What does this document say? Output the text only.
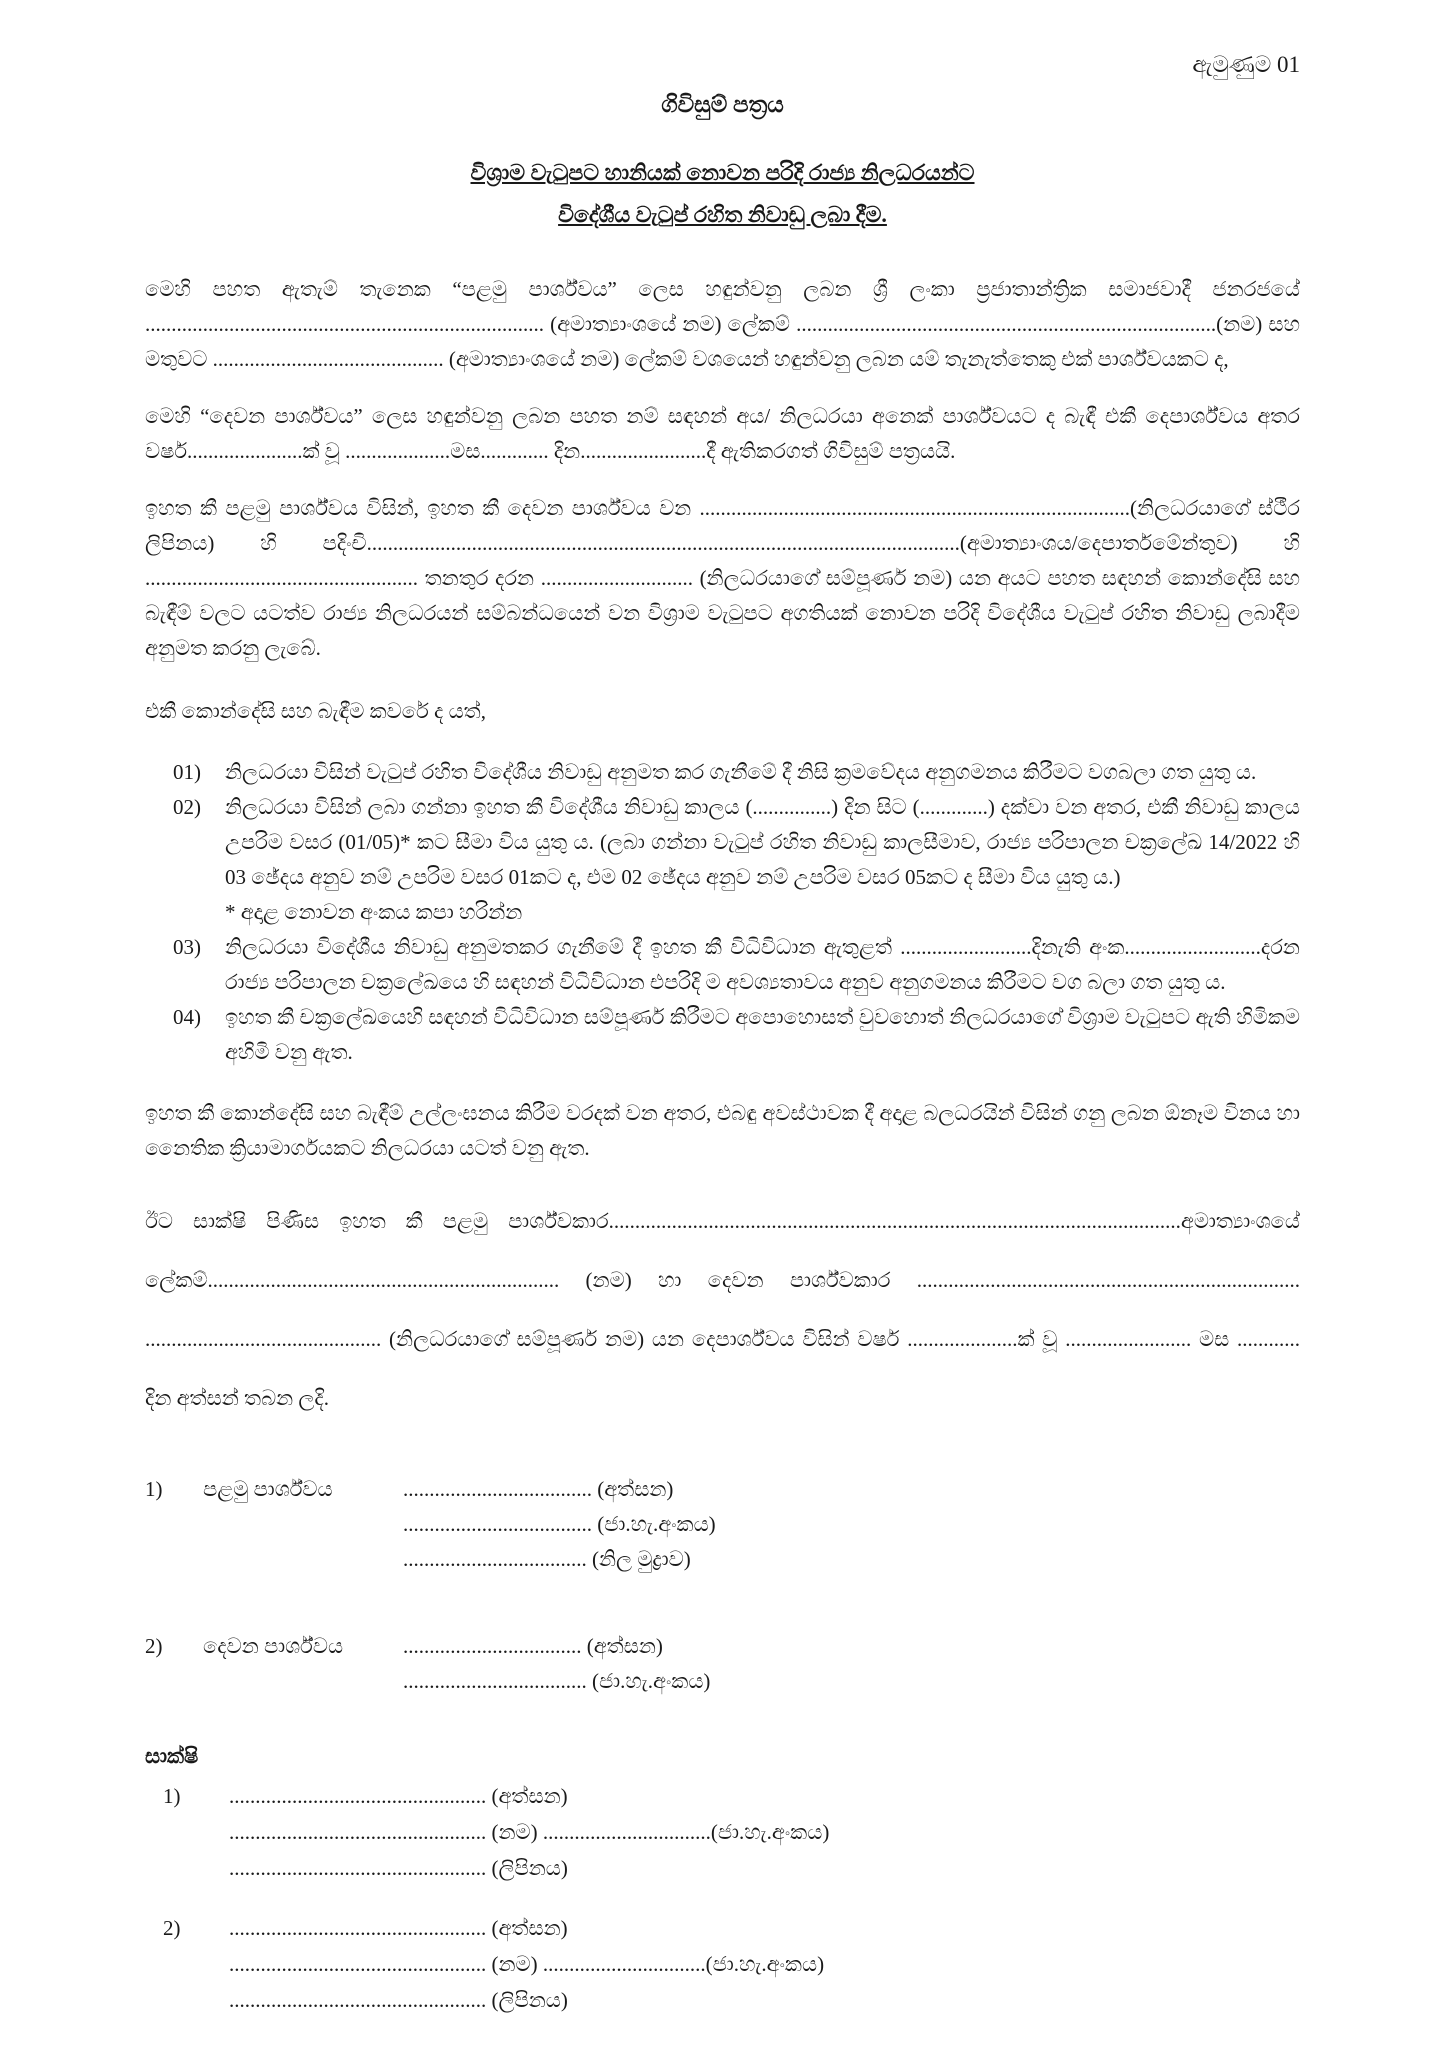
ඇමුණුම 01
ගිවිසුම් පත්‍රය
විශ්‍රාම වැටුපට හානියක් නොවන පරිදි රාජ්‍ය නිලධරයන්ට
විදේශීය වැටුප් රහිත නිවාඩු ලබා දීම.

මෙහි පහත ඇතැම් තැනෙක “පළමු පාර්ශ්වය” ලෙස හඳුන්වනු ලබන ශ්‍රී ලංකා ප්‍රජාතාන්ත්‍රික සමාජවාදී ජනරජයේ ............................................................................ (අමාත්‍යාංශයේ නම) ලේකම් ................................................................................(නම) සහ මතුවට ............................................ (අමාත්‍යාංශයේ නම) ලේකම් වශයෙන් හඳුන්වනු ලබන යම් තැනැත්තෙකු එක් පාර්ශ්වයකට ද,

මෙහි “දෙවන පාර්ශ්වය” ලෙස හඳුන්වනු ලබන පහත නම් සඳහන් අය/ නිලධරයා අනෙක් පාර්ශ්වයට ද බැඳී එකී දෙපාර්ශ්වය අතර වර්ෂ......................ක් වූ ....................මස............. දින........................දී ඇතිකරගත් ගිවිසුම් පත්‍රයයි.

ඉහත කී පළමු පාර්ශ්වය විසින්, ඉහත කී දෙවන පාර්ශ්වය වන ..................................................................................(නිලධරයාගේ ස්ථීර ලිපිනය) හි පදිංචි.................................................................................................................(අමාත්‍යාංශය/දෙපාර්තමේන්තුව) හි .................................................... තනතුර දරන ............................. (නිලධරයාගේ සම්පූර්ණ නම) යන අයට පහත සඳහන් කොන්දේසි සහ බැඳීම් වලට යටත්ව රාජ්‍ය නිලධරයන් සම්බන්ධයෙන් වන විශ්‍රාම වැටුපට අගතියක් නොවන පරිදි විදේශීය වැටුප් රහිත නිවාඩු ලබාදීම අනුමත කරනු ලැබේ.

එකී කොන්දේසි සහ බැඳීම කවරේ ද යත්,
01)	නිලධරයා විසින් වැටුප් රහිත විදේශීය නිවාඩු අනුමත කර ගැනීමේ දී නිසි ක්‍රමවේදය අනුගමනය කිරීමට වගබලා ගත යුතු ය.
02)	නිලධරයා විසින් ලබා ගන්නා ඉහත කී විදේශීය නිවාඩු කාලය (...............) දින සිට (.............) දක්වා වන අතර, එකී නිවාඩු කාලය උපරිම වසර (01/05)* කට සීමා විය යුතු ය. (ලබා ගන්නා වැටුප් රහිත නිවාඩු කාලසීමාව, රාජ්‍ය පරිපාලන චක්‍රලේඛ 14/2022 හි 03 ඡේදය අනුව නම් උපරිම වසර 01කට ද, එම 02 ඡේදය අනුව නම් උපරිම වසර 05කට ද සීමා විය යුතු ය.)
* අදාළ නොවන අංකය කපා හරින්න
03)	නිලධරයා විදේශීය නිවාඩු අනුමතකර ගැනීමේ දී ඉහත කී විධිවිධාන ඇතුළත් .........................දිනැති අංක..........................දරන රාජ්‍ය පරිපාලන චක්‍රලේඛයෙ හි සඳහන් විධිවිධාන එපරිදි ම අවශ්‍යතාවය අනුව අනුගමනය කිරීමට වග බලා ගත යුතු ය.
04)	ඉහත කී චක්‍රලේඛයෙහි සඳහන් විධිවිධාන සම්පූර්ණ කිරීමට අපොහොසත් වුවහොත් නිලධරයාගේ විශ්‍රාම වැටුපට ඇති හිමිකම අහිමි වනු ඇත.

ඉහත කී කොන්දේසි සහ බැඳීම් උල්ලංඝනය කිරීම වරදක් වන අතර, එබඳු අවස්ථාවක දී අදාළ බලධරයින් විසින් ගනු ලබන ඕනෑම විනය හා නෛතික ක්‍රියාමාර්ගයකට නිලධරයා යටත් වනු ඇත.

ඊට සාක්ෂි පිණිස ඉහත කී පළමු පාර්ශ්වකාර.............................................................................................................අමාත්‍යාංශයේ ලේකම්................................................................... (නම) හා දෙවන පාර්ශ්වකාර ......................................................................... ............................................. (නිලධරයාගේ සම්පූර්ණ නම) යන දෙපාර්ශ්වය විසින් වර්ෂ .....................ක් වූ ........................ මස ............ දින අත්සන් තබන ලදි.

1)	පළමු පාර්ශ්වය	.................................... (අත්සන)
.................................... (ජා.හැ.අංකය)
................................... (නිල මුද්‍රාව)
2)	දෙවන පාර්ශ්වය	.................................. (අත්සන)
................................... (ජා.හැ.අංකය)
සාක්ෂි
1)	................................................. (අත්සන)
................................................. (නම) ................................(ජා.හැ.අංකය)
................................................. (ලිපිනය)
2)	................................................. (අත්සන)
................................................. (නම) ...............................(ජා.හැ.අංකය)
................................................. (ලිපිනය)
